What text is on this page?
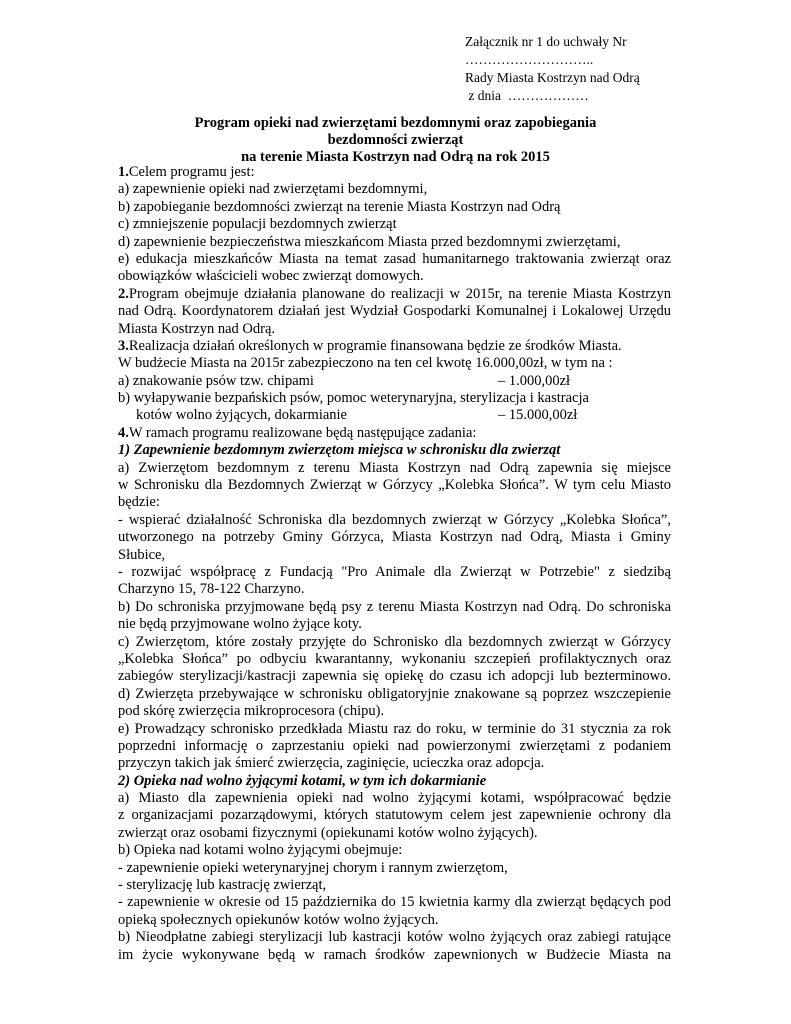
Załącznik nr 1 do uchwały Nr
………………………..
Rady Miasta Kostrzyn nad Odrą
z dnia  ………………
Program opieki nad zwierzętami bezdomnymi oraz zapobiegania
bezdomności zwierząt
na terenie Miasta Kostrzyn nad Odrą na rok 2015
1.Celem programu jest:
a) zapewnienie opieki nad zwierzętami bezdomnymi,
b) zapobieganie bezdomności zwierząt na terenie Miasta Kostrzyn nad Odrą
c) zmniejszenie populacji bezdomnych zwierząt
d) zapewnienie bezpieczeństwa mieszkańcom Miasta przed bezdomnymi zwierzętami,
e) edukacja mieszkańców Miasta na temat zasad humanitarnego traktowania zwierząt oraz
obowiązków właścicieli wobec zwierząt domowych.
2.Program obejmuje działania planowane do realizacji w 2015r, na terenie Miasta Kostrzyn
nad Odrą. Koordynatorem działań jest Wydział Gospodarki Komunalnej i Lokalowej Urzędu
Miasta Kostrzyn nad Odrą.
3.Realizacja działań określonych w programie finansowana będzie ze środków Miasta.
W budżecie Miasta na 2015r zabezpieczono na ten cel kwotę 16.000,00zł, w tym na :
a) znakowanie psów tzw. chipami	– 1.000,00zł
b) wyłapywanie bezpańskich psów, pomoc weterynaryjna, sterylizacja i kastracja
kotów wolno żyjących, dokarmianie	– 15.000,00zł
4.W ramach programu realizowane będą następujące zadania:
1) Zapewnienie bezdomnym zwierzętom miejsca w schronisku dla zwierząt
a) Zwierzętom bezdomnym z terenu Miasta Kostrzyn nad Odrą zapewnia się miejsce
w Schronisku dla Bezdomnych Zwierząt w Górzycy „Kolebka Słońca”. W tym celu Miasto
będzie:
- wspierać działalność Schroniska dla bezdomnych zwierząt w Górzycy „Kolebka Słońca”,
utworzonego na potrzeby Gminy Górzyca, Miasta Kostrzyn nad Odrą, Miasta i Gminy
Słubice,
- rozwijać współpracę z Fundacją "Pro Animale dla Zwierząt w Potrzebie" z siedzibą
Charzyno 15, 78-122 Charzyno.
b) Do schroniska przyjmowane będą psy z terenu Miasta Kostrzyn nad Odrą. Do schroniska
nie będą przyjmowane wolno żyjące koty.
c) Zwierzętom, które zostały przyjęte do Schronisko dla bezdomnych zwierząt w Górzycy
„Kolebka Słońca” po odbyciu kwarantanny, wykonaniu szczepień profilaktycznych oraz
zabiegów sterylizacji/kastracji zapewnia się opiekę do czasu ich adopcji lub bezterminowo.
d) Zwierzęta przebywające w schronisku obligatoryjnie znakowane są poprzez wszczepienie
pod skórę zwierzęcia mikroprocesora (chipu).
e) Prowadzący schronisko przedkłada Miastu raz do roku, w terminie do 31 stycznia za rok
poprzedni informację o zaprzestaniu opieki nad powierzonymi zwierzętami z podaniem
przyczyn takich jak śmierć zwierzęcia, zaginięcie, ucieczka oraz adopcja.
2) Opieka nad wolno żyjącymi kotami, w tym ich dokarmianie
a) Miasto dla zapewnienia opieki nad wolno żyjącymi kotami, współpracować będzie
z organizacjami pozarządowymi, których statutowym celem jest zapewnienie ochrony dla
zwierząt oraz osobami fizycznymi (opiekunami kotów wolno żyjących).
b) Opieka nad kotami wolno żyjącymi obejmuje:
- zapewnienie opieki weterynaryjnej chorym i rannym zwierzętom,
- sterylizację lub kastrację zwierząt,
- zapewnienie w okresie od 15 października do 15 kwietnia karmy dla zwierząt będących pod
opieką społecznych opiekunów kotów wolno żyjących.
b) Nieodpłatne zabiegi sterylizacji lub kastracji kotów wolno żyjących oraz zabiegi ratujące
im życie wykonywane będą w ramach środków zapewnionych w Budżecie Miasta na
